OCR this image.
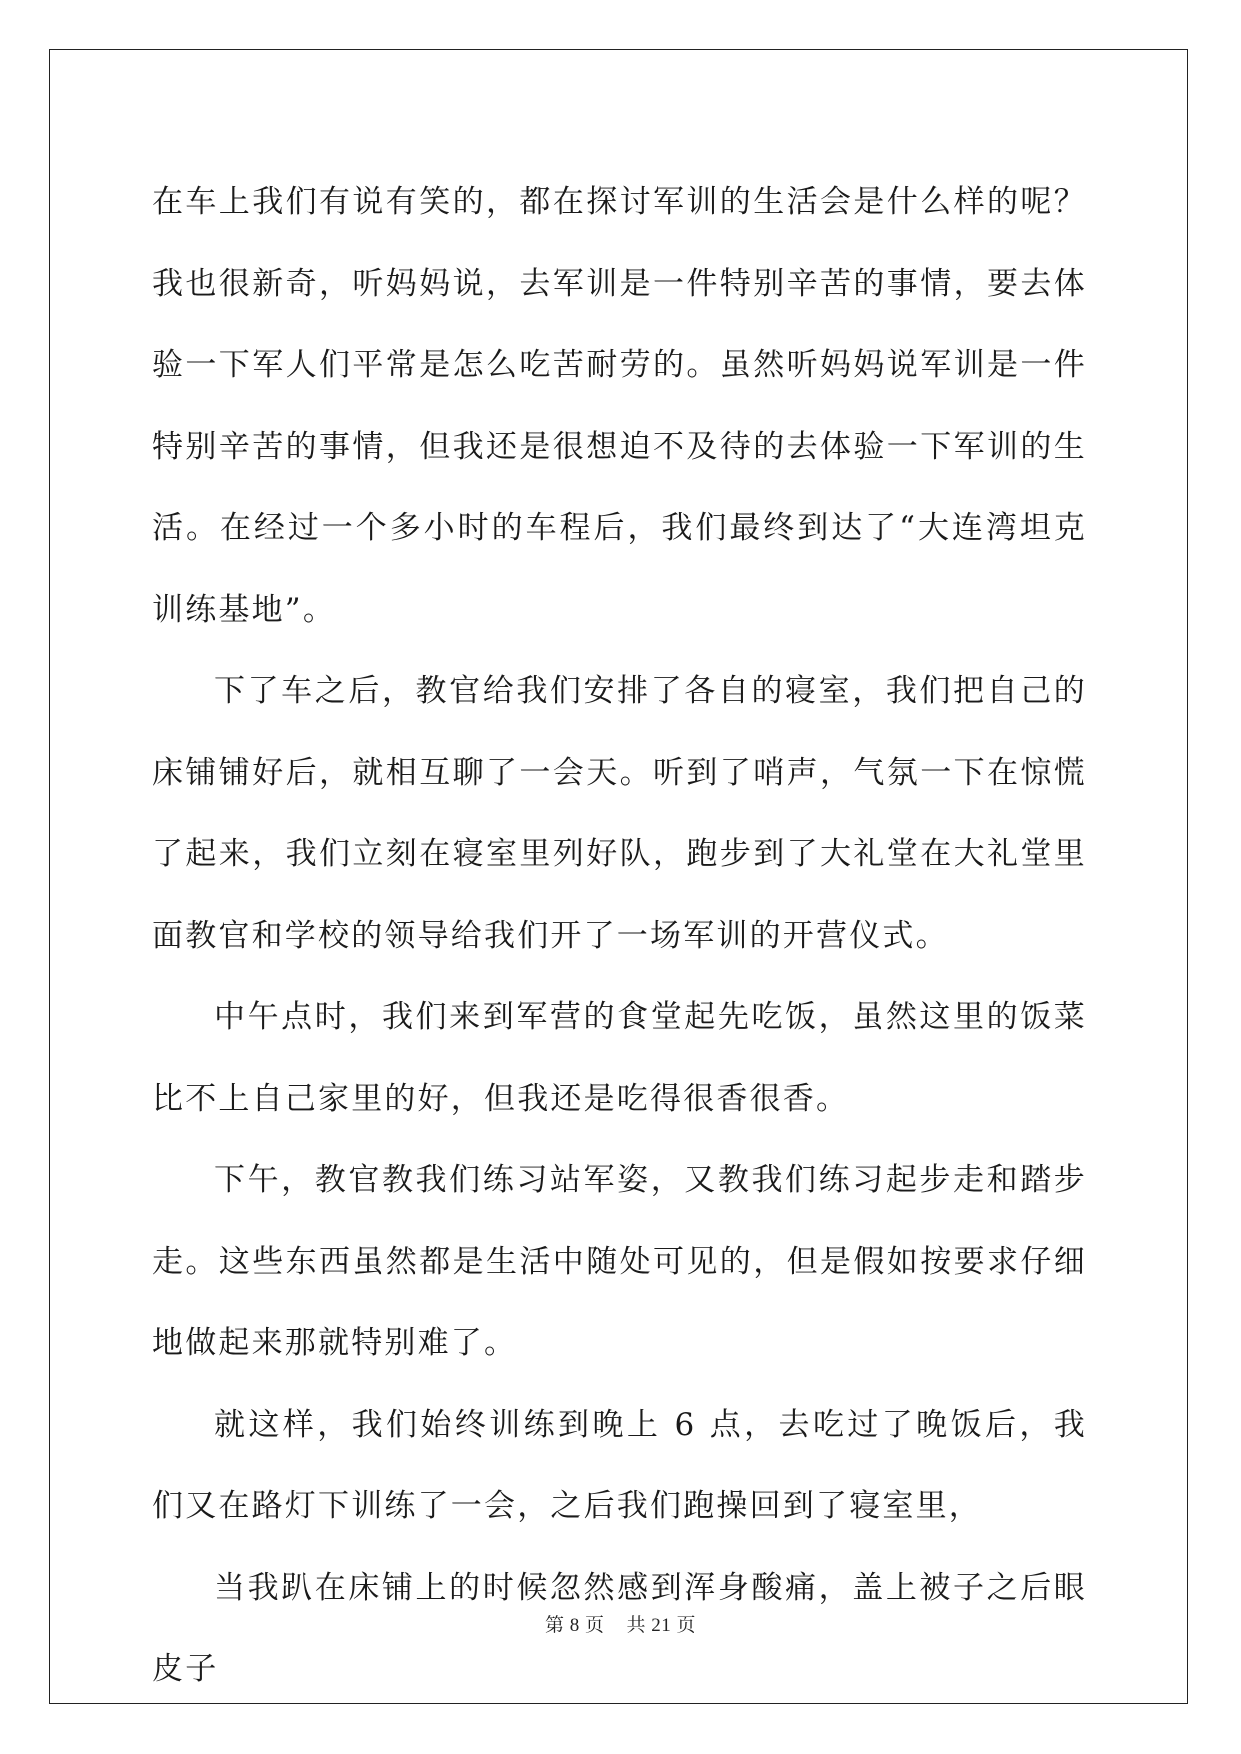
在车上我们有说有笑的，都在探讨军训的生活会是什么样的呢？我也很新奇，听妈妈说，去军训是一件特别辛苦的事情，要去体验一下军人们平常是怎么吃苦耐劳的。虽然听妈妈说军训是一件特别辛苦的事情，但我还是很想迫不及待的去体验一下军训的生活。在经过一个多小时的车程后，我们最终到达了“大连湾坦克训练基地”。

下了车之后，教官给我们安排了各自的寝室，我们把自己的床铺铺好后，就相互聊了一会天。听到了哨声，气氛一下在惊慌了起来，我们立刻在寝室里列好队，跑步到了大礼堂在大礼堂里面教官和学校的领导给我们开了一场军训的开营仪式。

中午点时，我们来到军营的食堂起先吃饭，虽然这里的饭菜比不上自己家里的好，但我还是吃得很香很香。

下午，教官教我们练习站军姿，又教我们练习起步走和踏步走。这些东西虽然都是生活中随处可见的，但是假如按要求仔细地做起来那就特别难了。

就这样，我们始终训练到晚上 6 点，去吃过了晚饭后，我们又在路灯下训练了一会，之后我们跑操回到了寝室里，

当我趴在床铺上的时候忽然感到浑身酸痛，盖上被子之后眼皮子

第 8 页 共 21 页
